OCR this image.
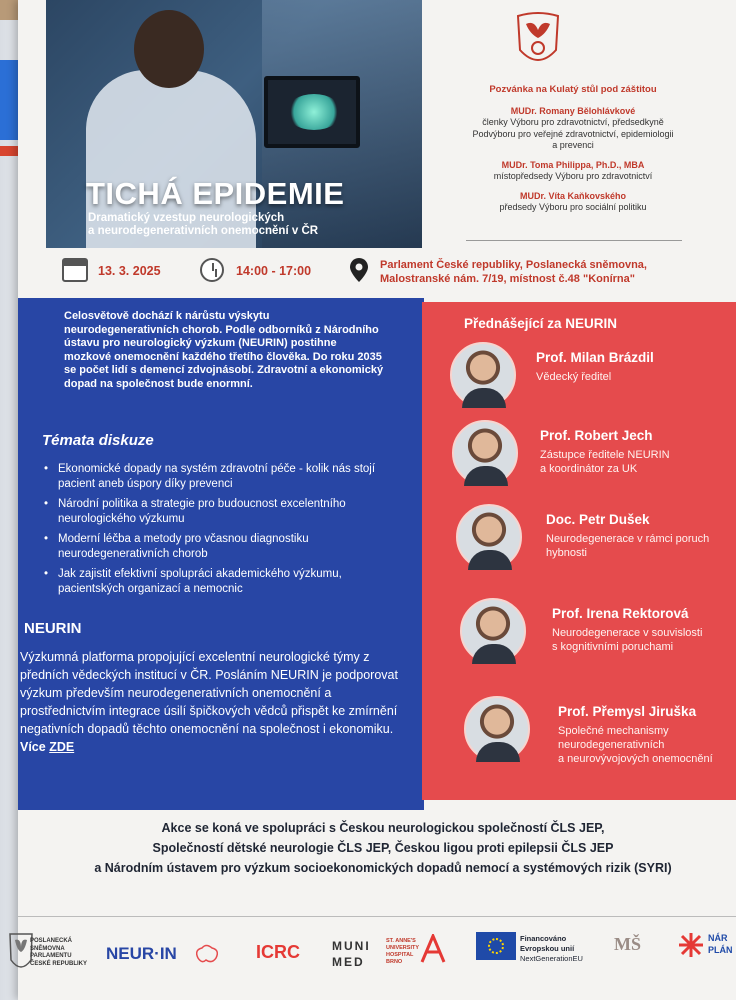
TICHÁ EPIDEMIE
Dramatický vzestup neurologických
a neurodegenerativních onemocnění v ČR
Pozvánka na Kulatý stůl pod záštitou
MUDr. Romany Bělohlávkové
členky Výboru pro zdravotnictví, předsedkyně
Podvýboru pro veřejné zdravotnictví, epidemiologii
a prevenci
MUDr. Toma Philippa, Ph.D., MBA
místopředsedy Výboru pro zdravotnictví
MUDr. Víta Kaňkovského
předsedy Výboru pro sociální politiku
13. 3. 2025	14:00 - 17:00	Parlament České republiky, Poslanecká sněmovna,
Malostranské nám. 7/19, místnost č.48 "Konírna"
Celosvětově dochází k nárůstu výskytu neurodegenerativních chorob. Podle odborníků z Národního ústavu pro neurologický výzkum (NEURIN) postihne mozkové onemocnění každého třetího člověka. Do roku 2035 se počet lidí s demencí zdvojnásobí. Zdravotní a ekonomický dopad na společnost bude enormní.
Témata diskuze
• Ekonomické dopady na systém zdravotní péče - kolik nás stojí pacient aneb úspory díky prevenci
• Národní politika a strategie pro budoucnost excelentního neurologického výzkumu
• Moderní léčba a metody pro včasnou diagnostiku neurodegenerativních chorob
• Jak zajistit efektivní spolupráci akademického výzkumu, pacientských organizací a nemocnic
NEURIN
Výzkumná platforma propojující excelentní neurologické týmy z předních vědeckých institucí v ČR. Posláním NEURIN je podporovat výzkum především neurodegenerativních onemocnění a prostřednictvím integrace úsilí špičkových vědců přispět ke zmírnění negativních dopadů těchto onemocnění na společnost i ekonomiku. Více ZDE
Přednášející za NEURIN
Prof. Milan Brázdil
Vědecký ředitel
Prof. Robert Jech
Zástupce ředitele NEURIN
a koordinátor za UK
Doc. Petr Dušek
Neurodegenerace v rámci poruch
hybnosti
Prof. Irena Rektorová
Neurodegenerace v souvislosti
s kognitivními poruchami
Prof. Přemysl Jiruška
Společné mechanismy
neurodegenerativních
a neurovývojových onemocnění
Akce se koná ve spolupráci s Českou neurologickou společností ČLS JEP,
Společností dětské neurologie ČLS JEP, Českou ligou proti epilepsii ČLS JEP
a Národním ústavem pro výzkum socioekonomických dopadů nemocí a systémových rizik (SYRI)
POSLANECKÁ
SNĚMOVNA
PARLAMENTU
ČESKÉ REPUBLIKY
NEUR·IN	ICRC	MUNI
MED
ST. ANNE'S
UNIVERSITY
HOSPITAL
BRNO
Financováno
Evropskou unií
NextGenerationEU
MŠ	NÁR
PLÁN
